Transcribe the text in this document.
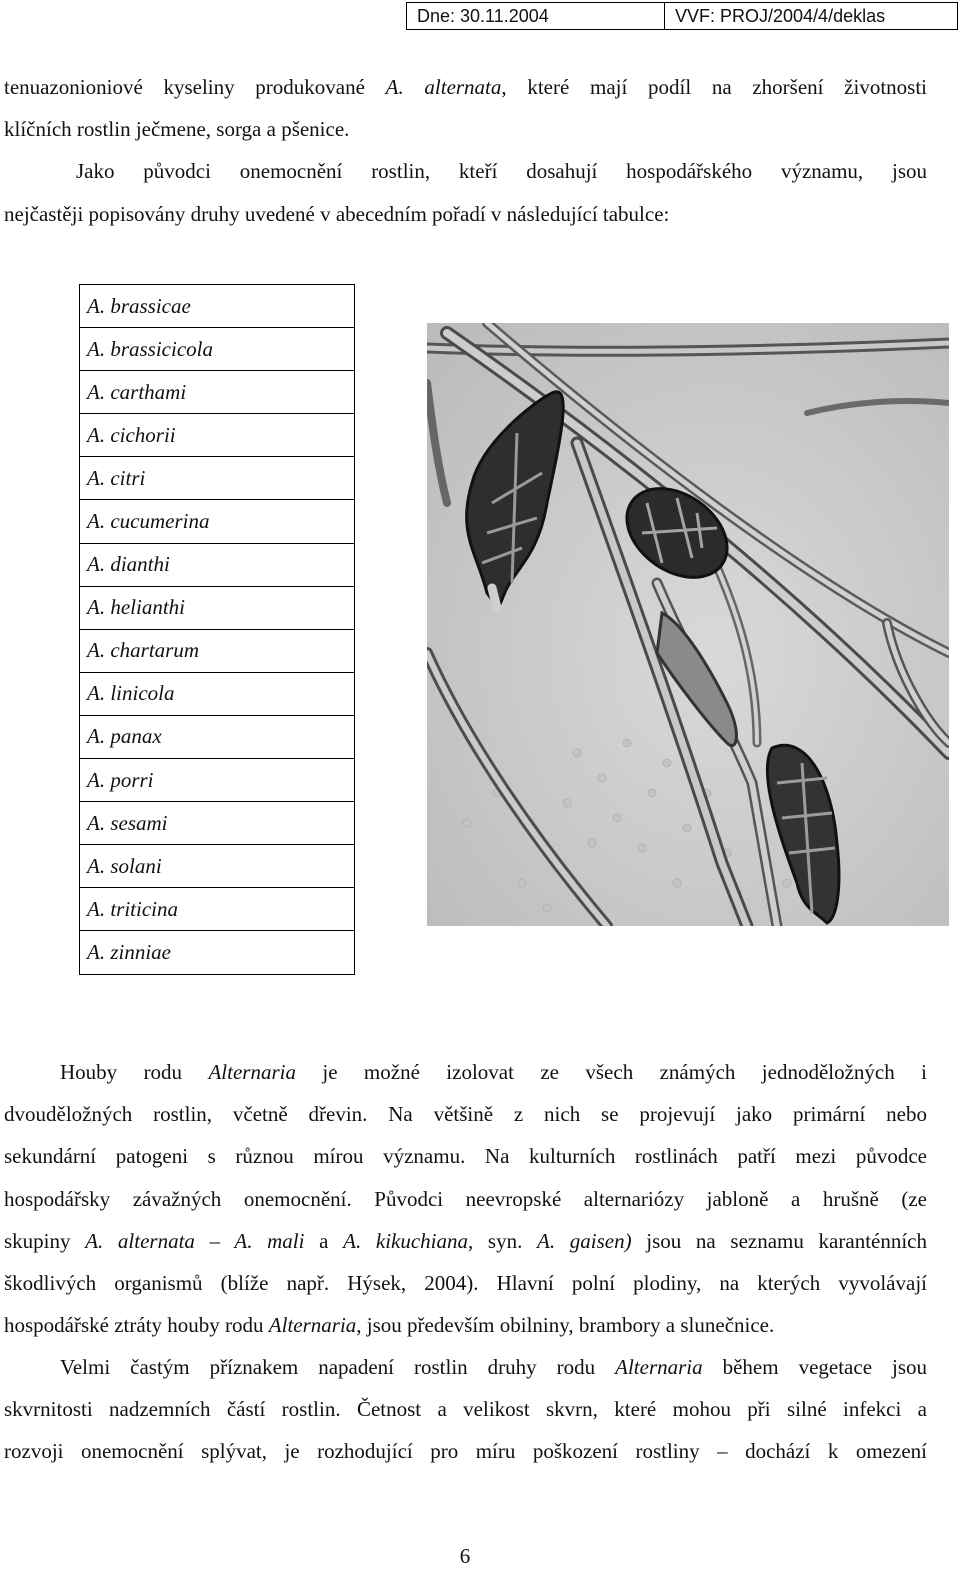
Dne: 30.11.2004	VVF: PROJ/2004/4/deklas
tenuazonioniové kyseliny produkované A. alternata, které mají podíl na zhoršení životnosti
klíčních rostlin ječmene, sorga a pšenice.
Jako původci onemocnění rostlin, kteří dosahují hospodářského významu, jsou
nejčastěji popisovány druhy uvedené v abecedním pořadí v následující tabulce:
A. brassicae
A. brassicicola
A. carthami
A. cichorii
A. citri
A. cucumerina
A. dianthi
A. helianthi
A. chartarum
A. linicola
A. panax
A. porri
A. sesami
A. solani
A. triticina
A. zinniae
Houby rodu Alternaria je možné izolovat ze všech známých jednoděložných i
dvouděložných rostlin, včetně dřevin. Na většině z nich se projevují jako primární nebo
sekundární patogeni s různou mírou významu. Na kulturních rostlinách patří mezi původce
hospodářsky závažných onemocnění. Původci neevropské alternariózy jabloně a hrušně (ze
skupiny A. alternata – A. mali a A. kikuchiana, syn. A. gaisen) jsou na seznamu karanténních
škodlivých organismů (blíže např. Hýsek, 2004). Hlavní polní plodiny, na kterých vyvolávají
hospodářské ztráty houby rodu Alternaria, jsou především obilniny, brambory a slunečnice.
Velmi častým příznakem napadení rostlin druhy rodu Alternaria během vegetace jsou
skvrnitosti nadzemních částí rostlin. Četnost a velikost skvrn, které mohou při silné infekci a
rozvoji onemocnění splývat, je rozhodující pro míru poškození rostliny – dochází k omezení
6
